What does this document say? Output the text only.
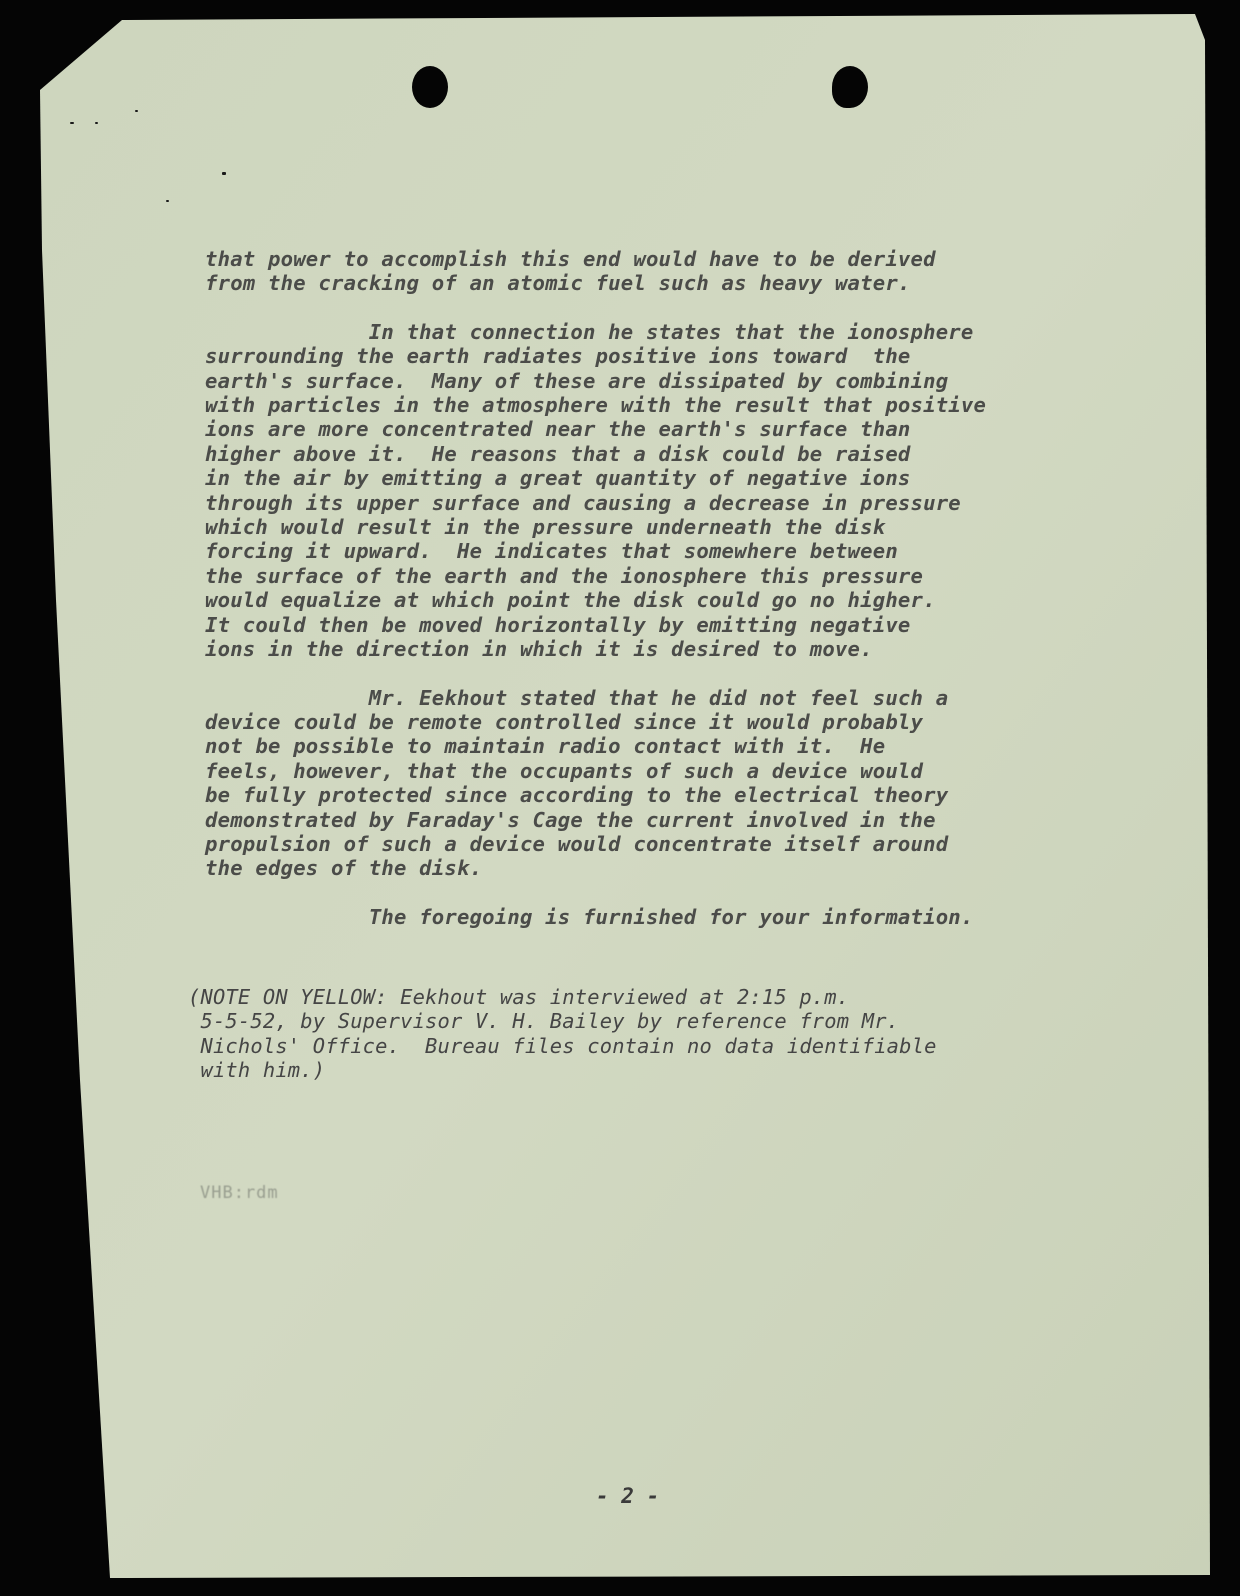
that power to accomplish this end would have to be derived
from the cracking of an atomic fuel such as heavy water.
In that connection he states that the ionosphere
surrounding the earth radiates positive ions toward  the
earth's surface.  Many of these are dissipated by combining
with particles in the atmosphere with the result that positive
ions are more concentrated near the earth's surface than
higher above it.  He reasons that a disk could be raised
in the air by emitting a great quantity of negative ions
through its upper surface and causing a decrease in pressure
which would result in the pressure underneath the disk
forcing it upward.  He indicates that somewhere between
the surface of the earth and the ionosphere this pressure
would equalize at which point the disk could go no higher.
It could then be moved horizontally by emitting negative
ions in the direction in which it is desired to move.
Mr. Eekhout stated that he did not feel such a
device could be remote controlled since it would probably
not be possible to maintain radio contact with it.  He
feels, however, that the occupants of such a device would
be fully protected since according to the electrical theory
demonstrated by Faraday's Cage the current involved in the
propulsion of such a device would concentrate itself around
the edges of the disk.
The foregoing is furnished for your information.
(NOTE ON YELLOW: Eekhout was interviewed at 2:15 p.m.
5-5-52, by Supervisor V. H. Bailey by reference from Mr.
Nichols' Office.  Bureau files contain no data identifiable
with him.)
VHB:rdm
- 2 -
